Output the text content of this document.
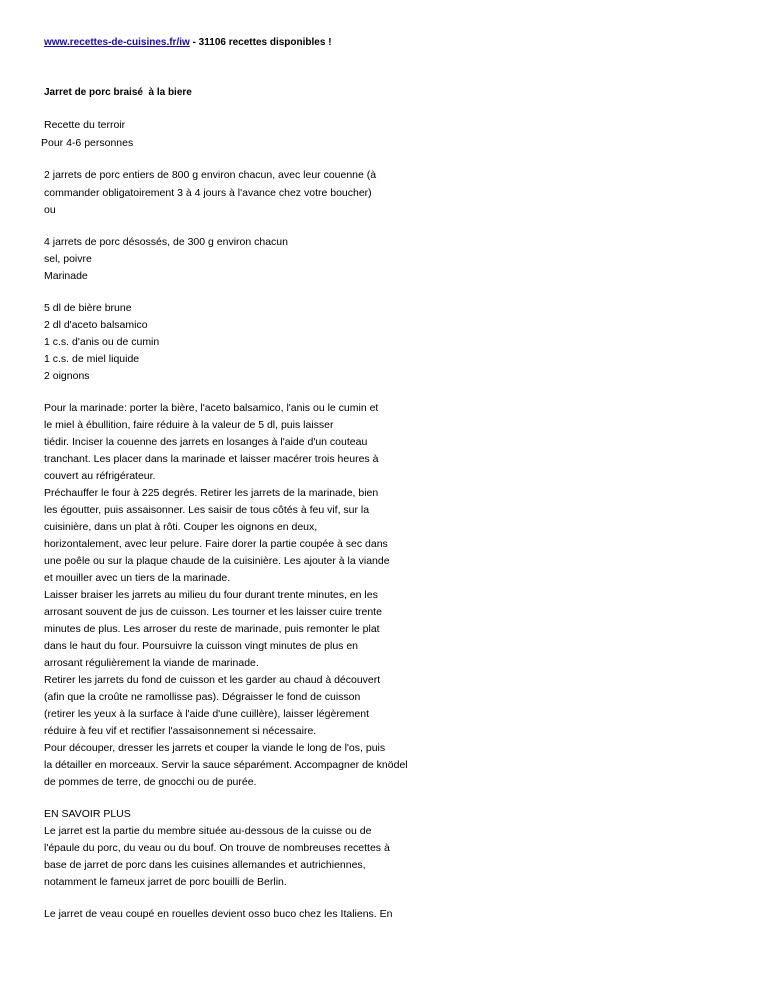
www.recettes-de-cuisines.fr/iw - 31106 recettes disponibles !
Jarret de porc braisé  à la biere
Recette du terroir
Pour 4-6 personnes
2 jarrets de porc entiers de 800 g environ chacun, avec leur couenne (à
commander obligatoirement 3 à 4 jours à l'avance chez votre boucher)
ou
4 jarrets de porc désossés, de 300 g environ chacun
sel, poivre
Marinade
5 dl de bière brune
2 dl d'aceto balsamico
1 c.s. d'anis ou de cumin
1 c.s. de miel liquide
2 oignons
Pour la marinade: porter la bière, l'aceto balsamico, l'anis ou le cumin et
le miel à ébullition, faire réduire à la valeur de 5 dl, puis laisser
tiédir. Inciser la couenne des jarrets en losanges à l'aide d'un couteau
tranchant. Les placer dans la marinade et laisser macérer trois heures à
couvert au réfrigérateur.
Préchauffer le four à 225 degrés. Retirer les jarrets de la marinade, bien
les égoutter, puis assaisonner. Les saisir de tous côtés à feu vif, sur la
cuisinière, dans un plat à rôti. Couper les oignons en deux,
horizontalement, avec leur pelure. Faire dorer la partie coupée à sec dans
une poêle ou sur la plaque chaude de la cuisinière. Les ajouter à la viande
et mouiller avec un tiers de la marinade.
Laisser braiser les jarrets au milieu du four durant trente minutes, en les
arrosant souvent de jus de cuisson. Les tourner et les laisser cuire trente
minutes de plus. Les arroser du reste de marinade, puis remonter le plat
dans le haut du four. Poursuivre la cuisson vingt minutes de plus en
arrosant régulièrement la viande de marinade.
Retirer les jarrets du fond de cuisson et les garder au chaud à découvert
(afin que la croûte ne ramollisse pas). Dégraisser le fond de cuisson
(retirer les yeux à la surface à l'aide d'une cuillère), laisser légèrement
réduire à feu vif et rectifier l'assaisonnement si nécessaire.
Pour découper, dresser les jarrets et couper la viande le long de l'os, puis
la détailler en morceaux. Servir la sauce séparément. Accompagner de knödel
de pommes de terre, de gnocchi ou de purée.
EN SAVOIR PLUS
Le jarret est la partie du membre située au-dessous de la cuisse ou de
l'épaule du porc, du veau ou du bouf. On trouve de nombreuses recettes à
base de jarret de porc dans les cuisines allemandes et autrichiennes,
notamment le fameux jarret de porc bouilli de Berlin.
Le jarret de veau coupé en rouelles devient osso buco chez les Italiens. En
